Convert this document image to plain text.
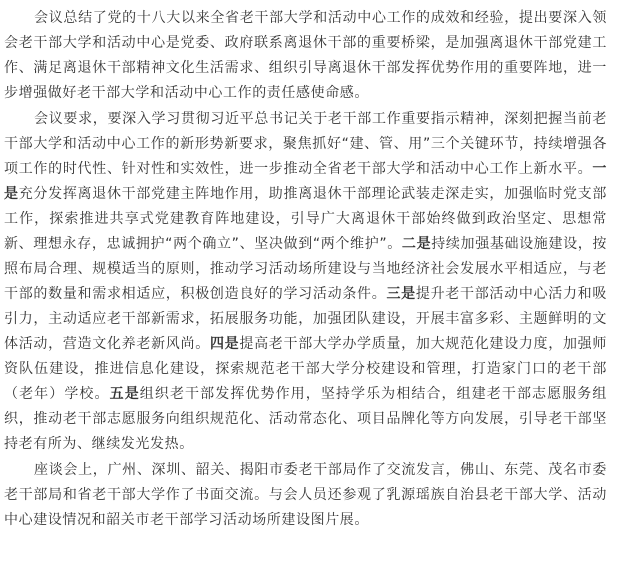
会议总结了党的十八大以来全省老干部大学和活动中心工作的成效和经验，提出要深入领会老干部大学和活动中心是党委、政府联系离退休干部的重要桥梁，是加强离退休干部党建工作、满足离退休干部精神文化生活需求、组织引导离退休干部发挥优势作用的重要阵地，进一步增强做好老干部大学和活动中心工作的责任感使命感。

会议要求，要深入学习贯彻习近平总书记关于老干部工作重要指示精神，深刻把握当前老干部大学和活动中心工作的新形势新要求，聚焦抓好“建、管、用”三个关键环节，持续增强各项工作的时代性、针对性和实效性，进一步推动全省老干部大学和活动中心工作上新水平。一是充分发挥离退休干部党建主阵地作用，助推离退休干部理论武装走深走实，加强临时党支部工作，探索推进共享式党建教育阵地建设，引导广大离退休干部始终做到政治坚定、思想常新、理想永存，忠诚拥护“两个确立”、坚决做到“两个维护”。二是持续加强基础设施建设，按照布局合理、规模适当的原则，推动学习活动场所建设与当地经济社会发展水平相适应，与老干部的数量和需求相适应，积极创造良好的学习活动条件。三是提升老干部活动中心活力和吸引力，主动适应老干部新需求，拓展服务功能，加强团队建设，开展丰富多彩、主题鲜明的文体活动，营造文化养老新风尚。四是提高老干部大学办学质量，加大规范化建设力度，加强师资队伍建设，推进信息化建设，探索规范老干部大学分校建设和管理，打造家门口的老干部（老年）学校。五是组织老干部发挥优势作用，坚持学乐为相结合，组建老干部志愿服务组织，推动老干部志愿服务向组织规范化、活动常态化、项目品牌化等方向发展，引导老干部坚持老有所为、继续发光发热。

座谈会上，广州、深圳、韶关、揭阳市委老干部局作了交流发言，佛山、东莞、茂名市委老干部局和省老干部大学作了书面交流。与会人员还参观了乳源瑶族自治县老干部大学、活动中心建设情况和韶关市老干部学习活动场所建设图片展。
